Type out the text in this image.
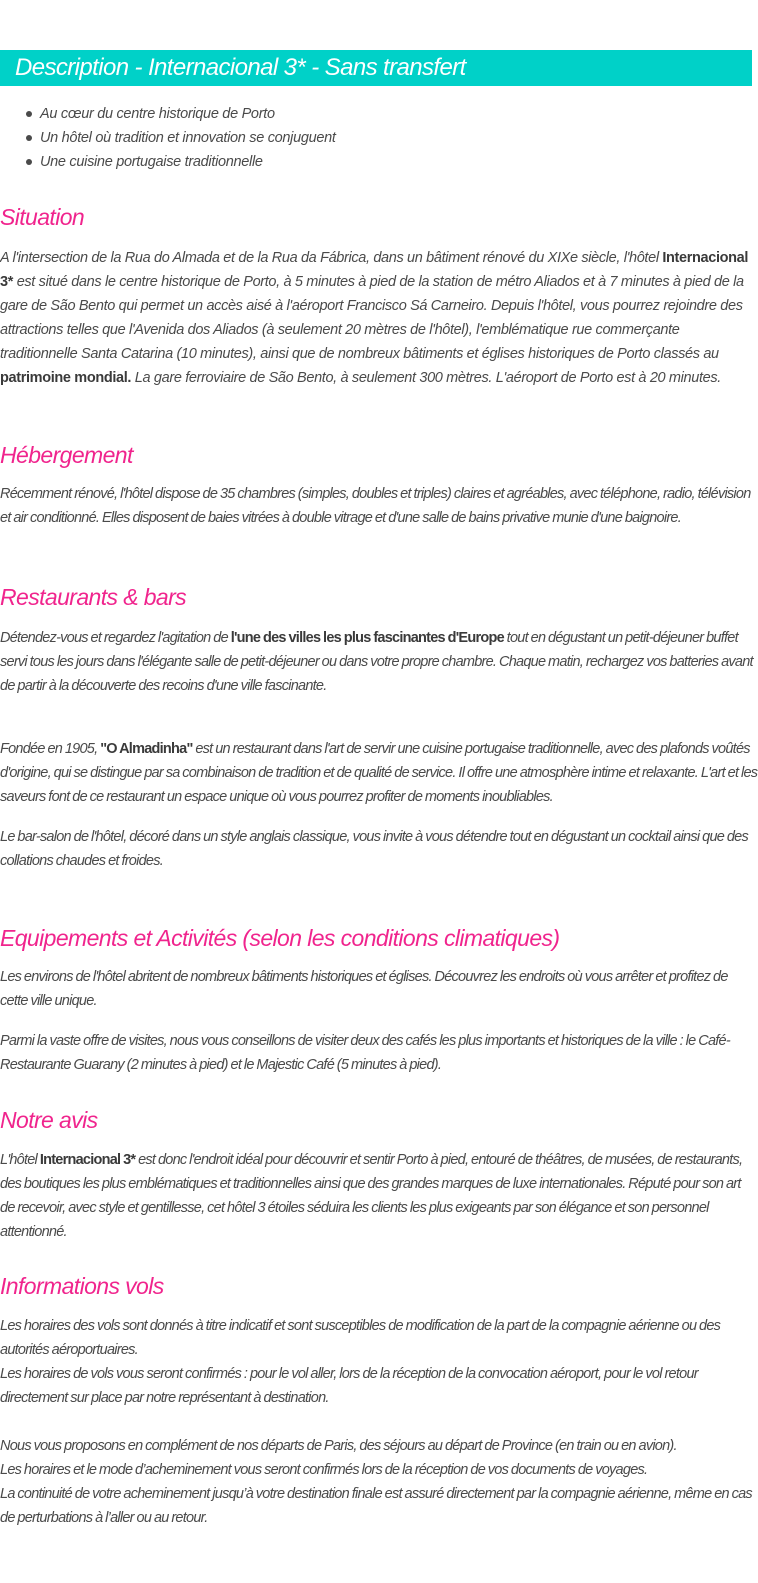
Description - Internacional 3* - Sans transfert
Au cœur du centre historique de Porto
Un hôtel où tradition et innovation se conjuguent
Une cuisine portugaise traditionnelle
Situation

A l'intersection de la Rua do Almada et de la Rua da Fábrica, dans un bâtiment rénové du XIXe siècle, l'hôtel Internacional 3* est situé dans le centre historique de Porto, à 5 minutes à pied de la station de métro Aliados et à 7 minutes à pied de la gare de São Bento qui permet un accès aisé à l'aéroport Francisco Sá Carneiro. Depuis l'hôtel, vous pourrez rejoindre des attractions telles que l'Avenida dos Aliados (à seulement 20 mètres de l'hôtel), l'emblématique rue commerçante traditionnelle Santa Catarina (10 minutes), ainsi que de nombreux bâtiments et églises historiques de Porto classés au patrimoine mondial. La gare ferroviaire de São Bento, à seulement 300 mètres. L'aéroport de Porto est à 20 minutes.

Hébergement

Récemment rénové, l'hôtel dispose de 35 chambres (simples, doubles et triples) claires et agréables, avec téléphone, radio, télévision et air conditionné. Elles disposent de baies vitrées à double vitrage et d'une salle de bains privative munie d'une baignoire.

Restaurants & bars

Détendez-vous et regardez l'agitation de l'une des villes les plus fascinantes d'Europe tout en dégustant un petit-déjeuner buffet servi tous les jours dans l'élégante salle de petit-déjeuner ou dans votre propre chambre. Chaque matin, rechargez vos batteries avant de partir à la découverte des recoins d'une ville fascinante.

Fondée en 1905, "O Almadinha" est un restaurant dans l'art de servir une cuisine portugaise traditionnelle, avec des plafonds voûtés d'origine, qui se distingue par sa combinaison de tradition et de qualité de service. Il offre une atmosphère intime et relaxante. L'art et les saveurs font de ce restaurant un espace unique où vous pourrez profiter de moments inoubliables.

Le bar-salon de l'hôtel, décoré dans un style anglais classique, vous invite à vous détendre tout en dégustant un cocktail ainsi que des collations chaudes et froides.

Equipements et Activités (selon les conditions climatiques)

Les environs de l'hôtel abritent de nombreux bâtiments historiques et églises. Découvrez les endroits où vous arrêter et profitez de cette ville unique.

Parmi la vaste offre de visites, nous vous conseillons de visiter deux des cafés les plus importants et historiques de la ville : le Café-Restaurante Guarany (2 minutes à pied) et le Majestic Café (5 minutes à pied).

Notre avis

L'hôtel Internacional 3* est donc l'endroit idéal pour découvrir et sentir Porto à pied, entouré de théâtres, de musées, de restaurants, des boutiques les plus emblématiques et traditionnelles ainsi que des grandes marques de luxe internationales. Réputé pour son art de recevoir, avec style et gentillesse, cet hôtel 3 étoiles séduira les clients les plus exigeants par son élégance et son personnel attentionné.

Informations vols

Les horaires des vols sont donnés à titre indicatif et sont susceptibles de modification de la part de la compagnie aérienne ou des autorités aéroportuaires.

Les horaires de vols vous seront confirmés : pour le vol aller, lors de la réception de la convocation aéroport, pour le vol retour directement sur place par notre représentant à destination.

Nous vous proposons en complément de nos départs de Paris, des séjours au départ de Province (en train ou en avion).

Les horaires et le mode d’acheminement vous seront confirmés lors de la réception de vos documents de voyages.

La continuité de votre acheminement jusqu’à votre destination finale est assuré directement par la compagnie aérienne, même en cas de perturbations à l’aller ou au retour.
